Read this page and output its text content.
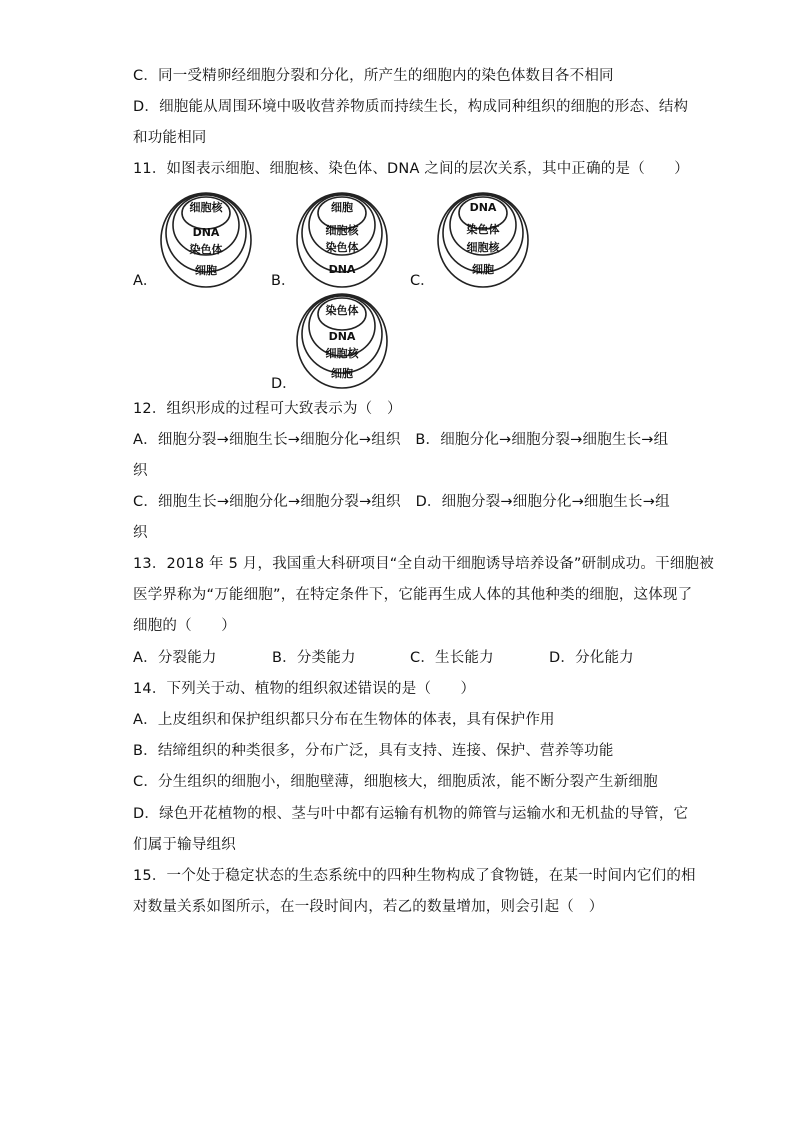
C．同一受精卵经细胞分裂和分化，所产生的细胞内的染色体数目各不相同
D．细胞能从周围环境中吸收营养物质而持续生长，构成同种组织的细胞的形态、结构
和功能相同
11．如图表示细胞、细胞核、染色体、DNA 之间的层次关系，其中正确的是（　　）
A．
细胞核
DNA
染色体
细胞
B．
细胞
细胞核
染色体
DNA
C．
DNA
染色体
细胞核
细胞
D．
染色体
DNA
细胞核
细胞
12．组织形成的过程可大致表示为（　）
A．细胞分裂→细胞生长→细胞分化→组织　B．细胞分化→细胞分裂→细胞生长→组
织
C．细胞生长→细胞分化→细胞分裂→组织　D．细胞分裂→细胞分化→细胞生长→组
织
13．2018 年 5 月，我国重大科研项目“全自动干细胞诱导培养设备”研制成功。干细胞被
医学界称为“万能细胞”，在特定条件下，它能再生成人体的其他种类的细胞，这体现了
细胞的（　　）
A．分裂能力	B．分类能力	C．生长能力	D．分化能力
14．下列关于动、植物的组织叙述错误的是（　　）
A．上皮组织和保护组织都只分布在生物体的体表，具有保护作用
B．结缔组织的种类很多，分布广泛，具有支持、连接、保护、营养等功能
C．分生组织的细胞小，细胞壁薄，细胞核大，细胞质浓，能不断分裂产生新细胞
D．绿色开花植物的根、茎与叶中都有运输有机物的筛管与运输水和无机盐的导管，它
们属于输导组织
15．一个处于稳定状态的生态系统中的四种生物构成了食物链，在某一时间内它们的相
对数量关系如图所示，在一段时间内，若乙的数量增加，则会引起（　）
